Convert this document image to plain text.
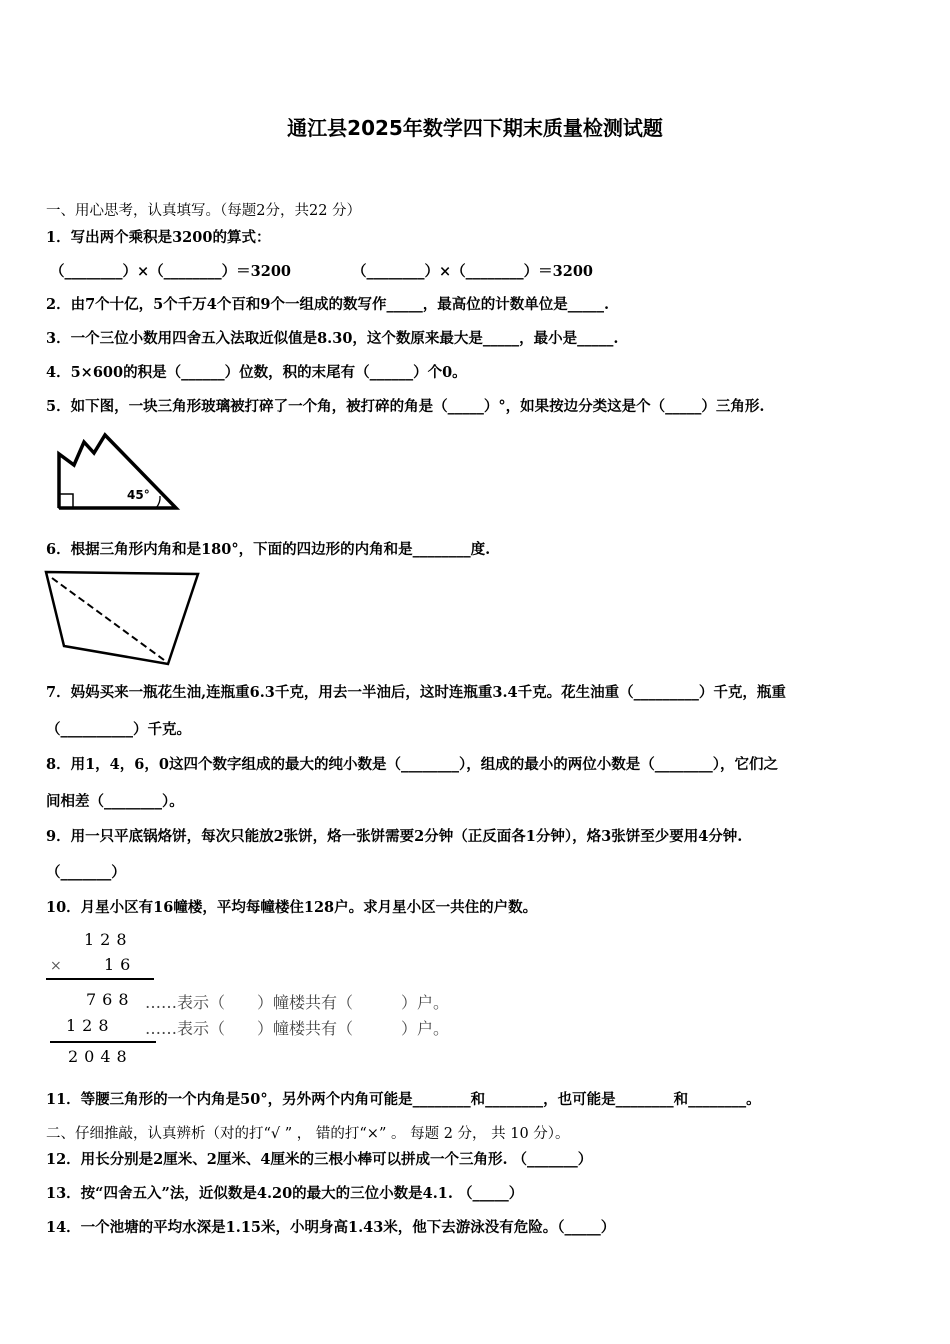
通江县2025年数学四下期末质量检测试题
一、用心思考，认真填写。（每题2分，共22 分）
1．写出两个乘积是3200的算式：
（________）×（________）＝3200	（________）×（________）＝3200
2．由7个十亿，5个千万4个百和9个一组成的数写作_____，最高位的计数单位是_____.
3．一个三位小数用四舍五入法取近似值是8.30，这个数原来最大是_____，最小是_____.
4．5×600的积是（______）位数，积的末尾有（______）个0。
5．如下图，一块三角形玻璃被打碎了一个角，被打碎的角是（_____）°，如果按边分类这是个（_____）三角形.
45°
6．根据三角形内角和是180°，下面的四边形的内角和是________度.
7．妈妈买来一瓶花生油,连瓶重6.3千克，用去一半油后，这时连瓶重3.4千克。花生油重（_________）千克，瓶重
（__________）千克。
8．用1，4，6，0这四个数字组成的最大的纯小数是（________），组成的最小的两位小数是（________），它们之
间相差（________）。
9．用一只平底锅烙饼，每次只能放2张饼，烙一张饼需要2分钟（正反面各1分钟），烙3张饼至少要用4分钟.
（_______）
10．月星小区有16幢楼，平均每幢楼住128户。求月星小区一共住的户数。
128
× 16
768 ……表示（　　）幢楼共有（　　　）户。
128 ……表示（　　）幢楼共有（　　　）户。
2048
11．等腰三角形的一个内角是50°，另外两个内角可能是________和________，也可能是________和________。
二、仔细推敲，认真辨析（对的打“√ ” ， 错的打“×” 。 每题 2 分， 共 10 分）。
12．用长分别是2厘米、2厘米、4厘米的三根小棒可以拼成一个三角形. （_______）
13．按“四舍五入”法，近似数是4.20的最大的三位小数是4.1. （_____）
14．一个池塘的平均水深是1.15米，小明身高1.43米，他下去游泳没有危险。（_____）
